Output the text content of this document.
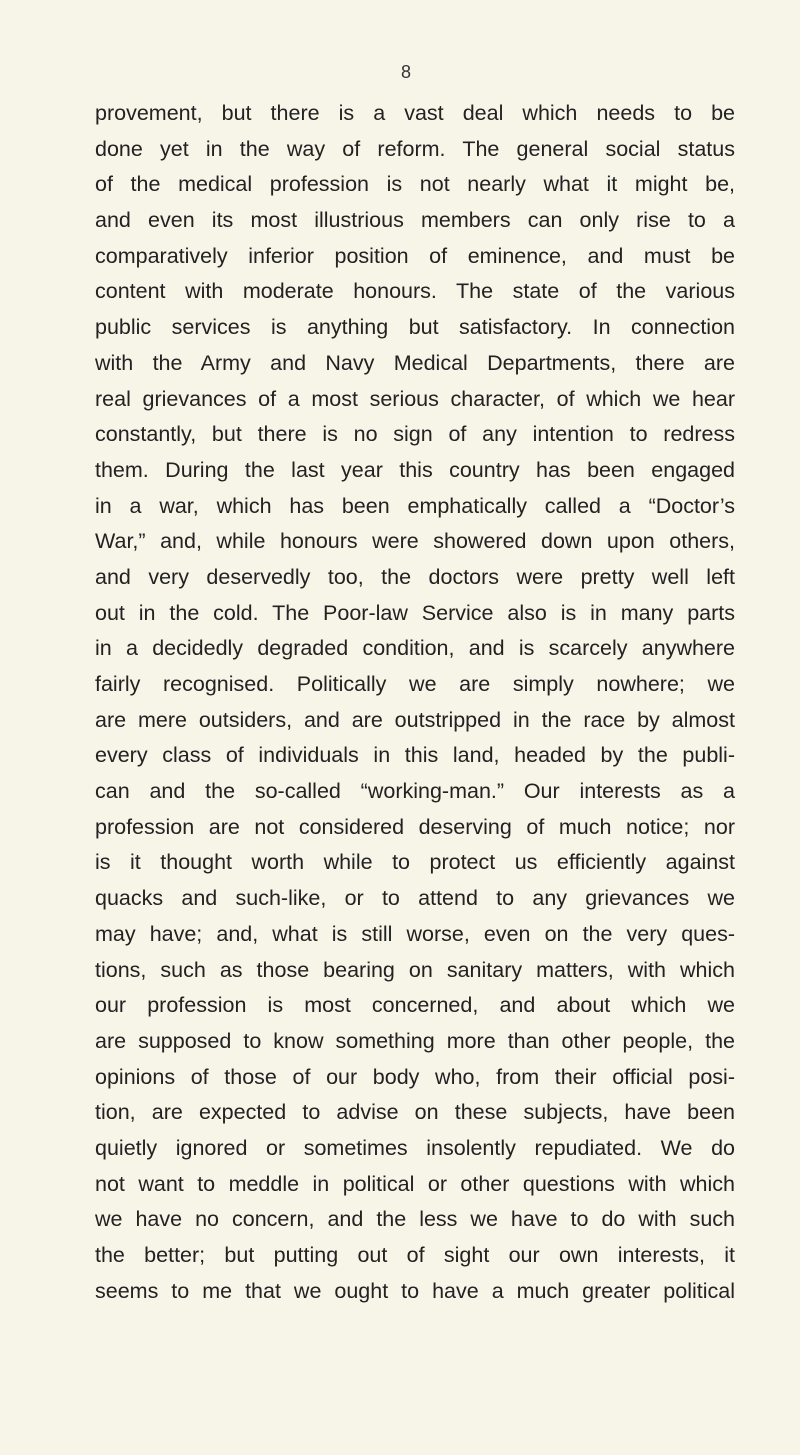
8
provement, but there is a vast deal which needs to be
done yet in the way of reform. The general social status
of the medical profession is not nearly what it might be,
and even its most illustrious members can only rise to a
comparatively inferior position of eminence, and must be
content with moderate honours. The state of the various
public services is anything but satisfactory. In connection
with the Army and Navy Medical Departments, there are
real grievances of a most serious character, of which we hear
constantly, but there is no sign of any intention to redress
them. During the last year this country has been engaged
in a war, which has been emphatically called a “Doctor’s
War,” and, while honours were showered down upon others,
and very deservedly too, the doctors were pretty well left
out in the cold. The Poor-law Service also is in many parts
in a decidedly degraded condition, and is scarcely anywhere
fairly recognised. Politically we are simply nowhere; we
are mere outsiders, and are outstripped in the race by almost
every class of individuals in this land, headed by the publi-
can and the so-called “working-man.” Our interests as a
profession are not considered deserving of much notice; nor
is it thought worth while to protect us efficiently against
quacks and such-like, or to attend to any grievances we
may have; and, what is still worse, even on the very ques-
tions, such as those bearing on sanitary matters, with which
our profession is most concerned, and about which we
are supposed to know something more than other people, the
opinions of those of our body who, from their official posi-
tion, are expected to advise on these subjects, have been
quietly ignored or sometimes insolently repudiated. We do
not want to meddle in political or other questions with which
we have no concern, and the less we have to do with such
the better; but putting out of sight our own interests, it
seems to me that we ought to have a much greater political
